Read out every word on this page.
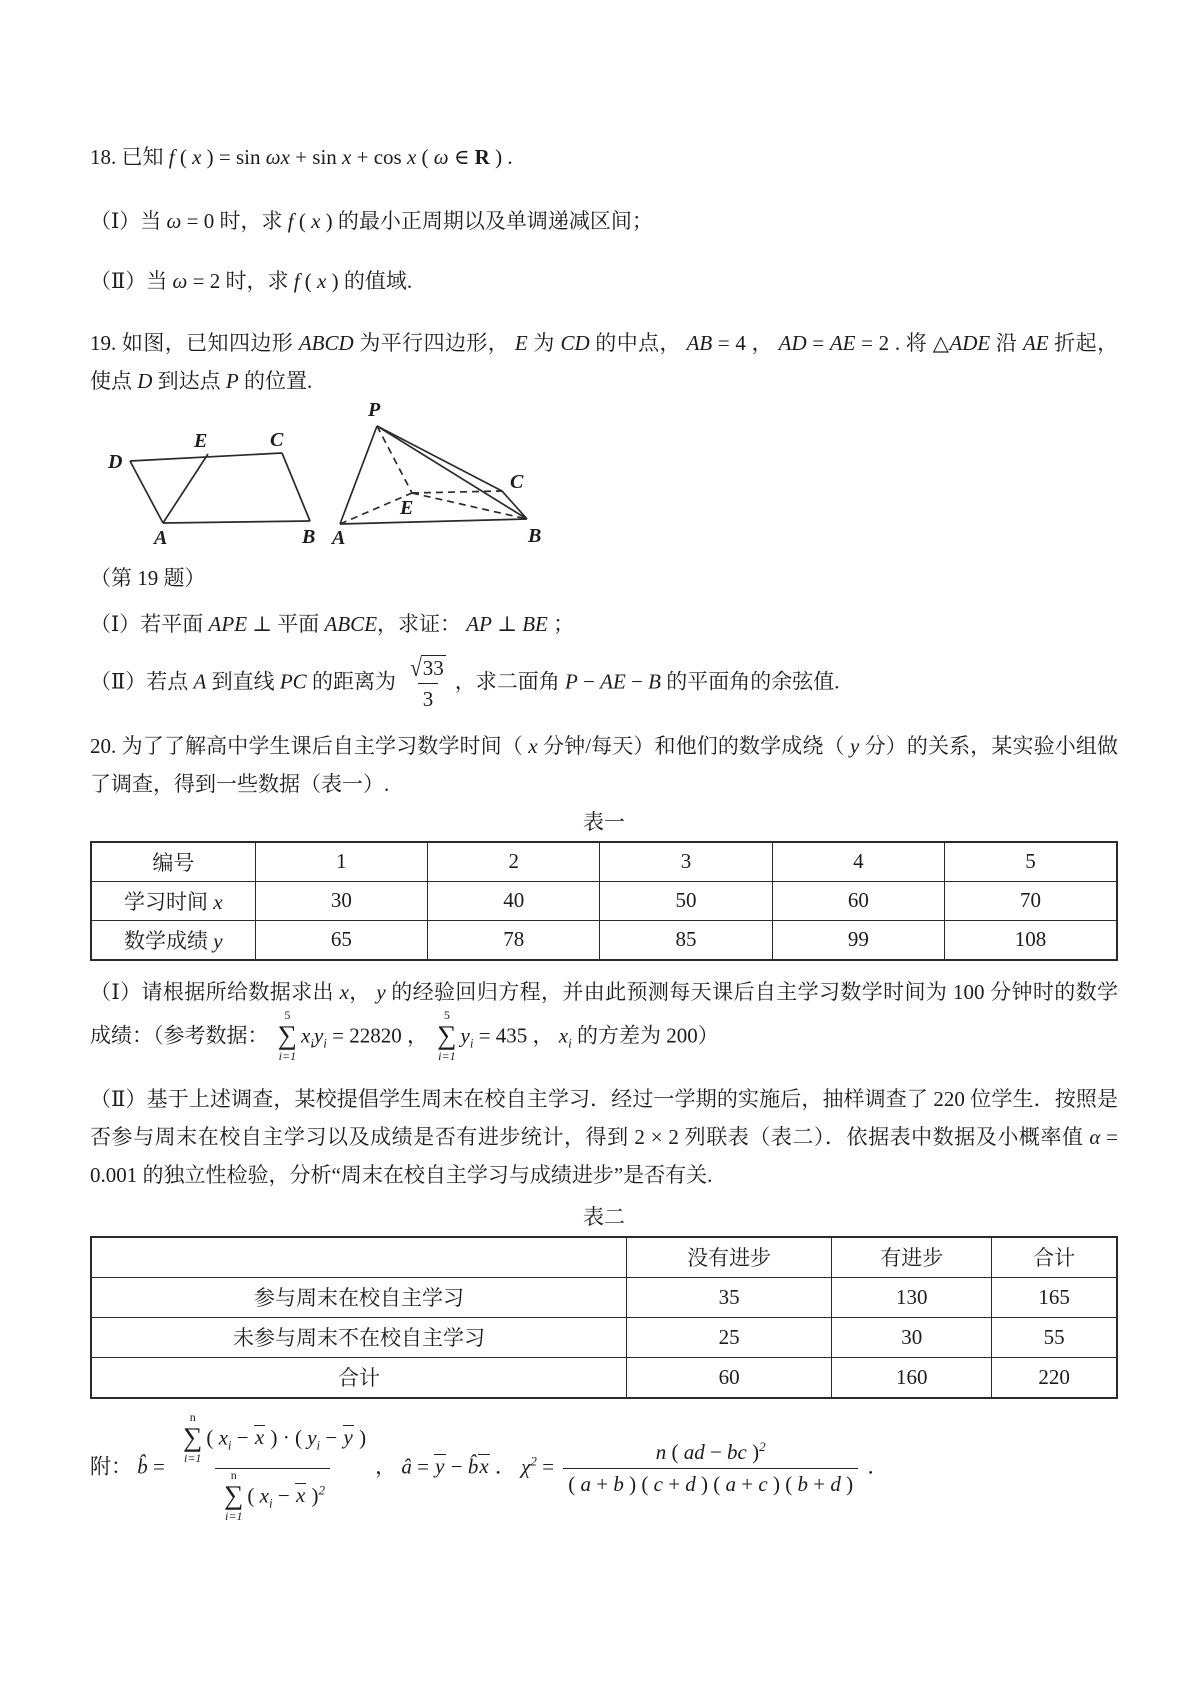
18. 已知 f ( x ) = sin ωx + sin x + cos x ( ω ∈ R ) .

（Ⅰ）当 ω = 0 时，求 f ( x ) 的最小正周期以及单调递减区间；

（Ⅱ）当 ω = 2 时，求 f ( x ) 的值域.

19. 如图，已知四边形 ABCD 为平行四边形， E 为 CD 的中点， AB = 4 ， AD = AE = 2 . 将 △ADE 沿 AE 折起，使点 D 到达点 P 的位置.

D
E	C
A	B
P
E
C
A	B

（第 19 题）

（Ⅰ）若平面 APE ⊥ 平面 ABCE，求证： AP ⊥ BE ；

（Ⅱ）若点 A 到直线 PC 的距离为 $\frac{√33}{3}$ ，求二面角 P − AE − B 的平面角的余弦值.

20. 为了了解高中学生课后自主学习数学时间（ x 分钟/每天）和他们的数学成绕（ y 分）的关系，某实验小组做了调查，得到一些数据（表一）.

表一

编号	1	2	3	4	5
学习时间 x	30	40	50	60	70
数学成绩 y	65	78	85	99	108

（Ⅰ）请根据所给数据求出 x， y 的经验回归方程，并由此预测每天课后自主学习数学时间为 100 分钟时的数学成绩：（参考数据：
5
∑
i=1
$x_iy_i = 22820$ ，
5
∑
i=1
$y_i = 435$ ， $x_i$ 的方差为 200）

（Ⅱ）基于上述调查，某校提倡学生周末在校自主学习．经过一学期的实施后，抽样调查了 220 位学生．按照是否参与周末在校自主学习以及成绩是否有进步统计，得到 2 × 2 列联表（表二）．依据表中数据及小概率值 α = 0.001 的独立性检验，分析“周末在校自主学习与成绩进步”是否有关.

表二

	没有进步	有进步	合计
参与周末在校自主学习	35	130	165
未参与周末不在校自主学习	25	30	55
合计	60	160	220

附： b̂ = n
∑
i=1
( $x_i - x$ ) · ( $y_i - y$ )
n
∑
i=1
( $x_i - x$ )$^2$ ， â = y − b̂x ． $\chi^2 = \frac{n ( ad - bc )^2}{( a + b ) ( c + d ) ( a + c ) ( b + d )}$ ．
